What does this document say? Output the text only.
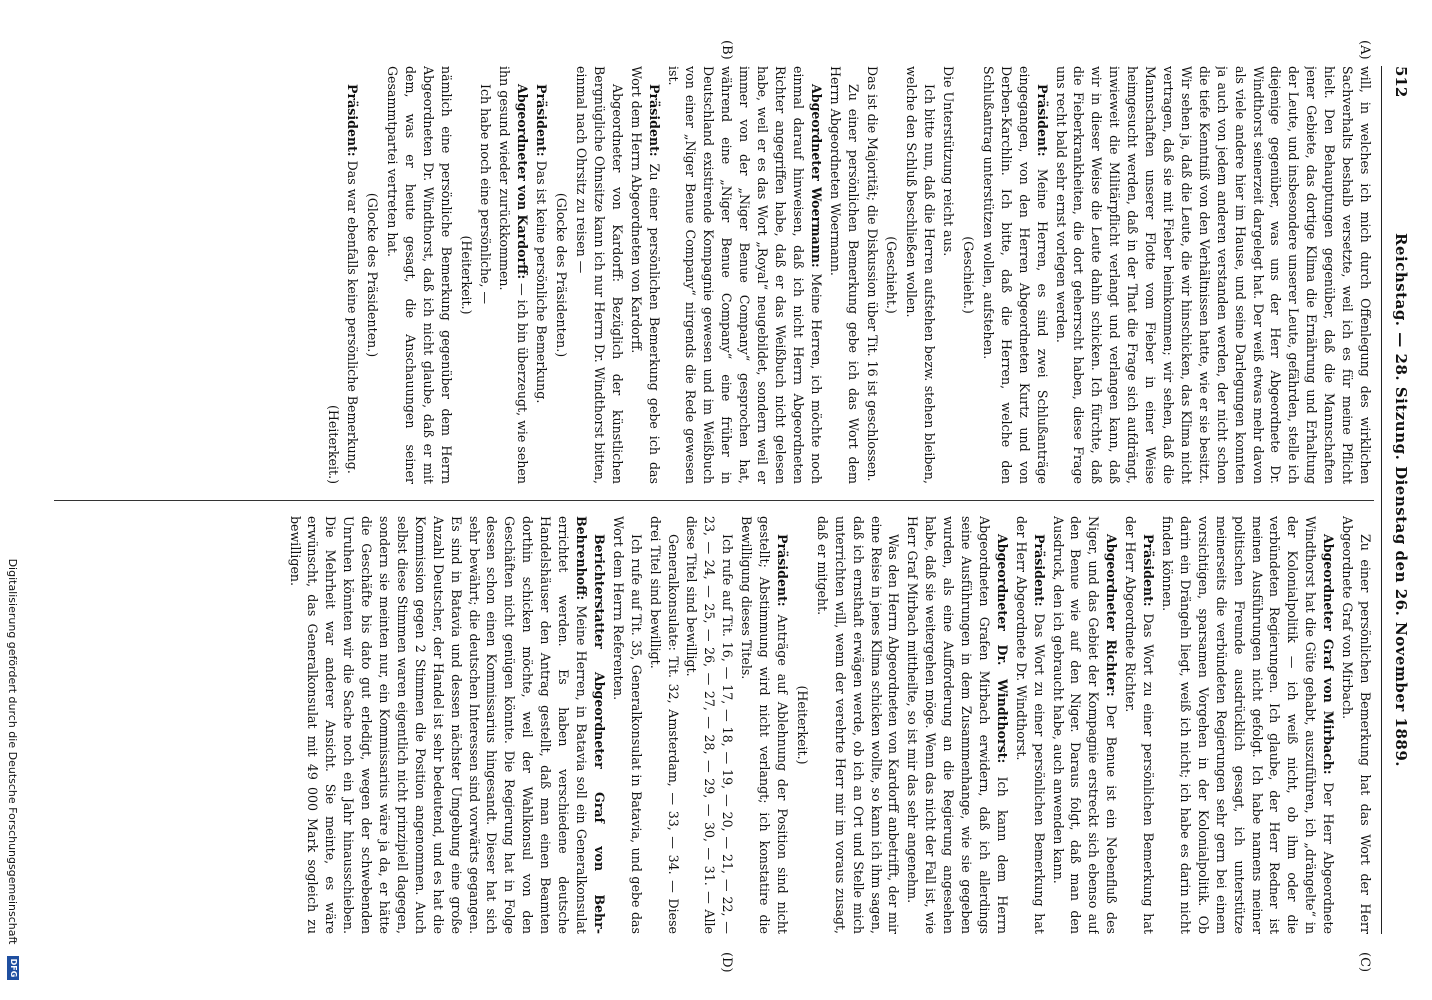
512
Reichstag. — 28. Sitzung. Dienstag den 26. November 1889.
(A)
(B)
(C)
(D)

will, in welches ich mich durch Offenlegung des wirklichen Sachverhalts beshalb versetzte, weil ich es für meine Pflicht hielt. Den Behauptungen gegenüber, daß die Mannschaften jener Gebiete, das dortige Klima die Ernährung und Erhaltung der Leute, und insbesondere unserer Leute, gefährden, stelle ich diejenige gegenüber, was uns der Herr Abgeordnete Dr. Windthorst seinerzeit dargelegt hat. Der weiß etwas mehr davon als viele andere hier im Hause, und seine Darlegungen konnten ja auch von jedem anderen verstanden werden, der nicht schon die tiefe Kenntniß von den Verhältnissen hatte, wie er sie besitzt. Wir sehen ja, daß die Leute, die wir hinschicken, das Klima nicht vertragen, daß sie mit Fieber heimkommen; wir sehen, daß die Mannschaften unserer Flotte vom Fieber in einer Weise heimgesucht werden, daß in der That die Frage sich aufdrängt, inwieweit die Militärpflicht verlangt und verlangen kann, daß wir in dieser Weise die Leute dahin schicken. Ich fürchte, daß die Fieberkrankheiten, die dort geherrscht haben, diese Frage uns recht bald sehr ernst vorlegen werden.

Präsident: Meine Herren, es sind zwei Schlußanträge eingegangen, von den Herren Abgeordneten Kurtz und von Derben-Karchlin. Ich bitte, daß die Herren, welche den Schlußantrag unterstützen wollen, aufstehen.

(Geschieht.)

Die Unterstützung reicht aus.

Ich bitte nun, daß die Herren aufstehen bezw. stehen bleiben, welche den Schluß beschließen wollen.

(Geschieht.)

Das ist die Majorität; die Diskussion über Tit. 16 ist geschlossen.

Zu einer persönlichen Bemerkung gebe ich das Wort dem Herrn Abgeordneten Woermann.

Abgeordneter Woermann: Meine Herren, ich möchte noch einmal darauf hinweisen, daß ich nicht Herrn Abgeordneten Richter angegriffen habe, daß er das Weißbuch nicht gelesen habe, weil er es das Wort „Royal“ neugebildet, sondern weil er immer von der „Niger Benue Company“ gesprochen hat, während eine „Niger Benue Company“ eine früher in Deutschland existirende Kompagnie gewesen und im Weißbuch von einer „Niger Benue Company“ nirgends die Rede gewesen ist.

Präsident: Zu einer persönlichen Bemerkung gebe ich das Wort dem Herrn Abgeordneten von Kardorff.

Abgeordneter von Kardorff: Bezüglich der künstlichen Bergnügliche Ohnsitze kann ich nur Herrn Dr. Windthorst bitten, einmal nach Ohrsitz zu reisen —

(Glocke des Präsidenten.)

Präsident: Das ist keine persönliche Bemerkung.

Abgeordneter von Kardorff: — ich bin überzeugt, wie sehen ihn gesund wieder zurückkommen.

Ich habe noch eine persönliche, —

(Heiterkeit.)

nämlich eine persönliche Bemerkung gegenüber dem Herrn Abgeordneten Dr. Windthorst, daß ich nicht glaube, daß er mit dem, was er heute gesagt, die Anschauungen seiner Gesammtpartei vertreten hat.

(Glocke des Präsidenten.)

Präsident: Das war ebenfalls keine persönliche Bemerkung.

(Heiterkeit.)

Zu einer persönlichen Bemerkung hat das Wort der Herr Abgeordnete Graf von Mirbach.

Abgeordneter Graf von Mirbach: Der Herr Abgeordnete Windthorst hat die Güte gehabt, auszuführen, ich „drängelte“ in der Kolonialpolitik — ich weiß nicht, ob ihm oder die verbündeten Regierungen. Ich glaube, der Herr Redner ist meinen Ausführungen nicht gefolgt. Ich habe namens meiner politischen Freunde ausdrücklich gesagt, ich unterstütze meinerseits die verbündeten Regierungen sehr gern bei einem vorsichtigen, sparsamen Vorgehen in der Kolonialpolitik. Ob darin ein Drängeln liegt, weiß ich nicht; ich habe es darin nicht finden können.

Präsident: Das Wort zu einer persönlichen Bemerkung hat der Herr Abgeordnete Richter.

Abgeordneter Richter: Der Benue ist ein Nebenfluß des Niger, und das Gebiet der Kompagnie erstreckt sich ebenso auf den Benue wie auf den Niger. Daraus folgt, daß man den Ausdruck, den ich gebraucht habe, auch anwenden kann.

Präsident: Das Wort zu einer persönlichen Bemerkung hat der Herr Abgeordnete Dr. Windthorst.

Abgeordneter Dr. Windthorst: Ich kann dem Herrn Abgeordneten Grafen Mirbach erwidern, daß ich allerdings seine Ausführungen in dem Zusammenhange, wie sie gegeben wurden, als eine Aufforderung an die Regierung angesehen habe, daß sie weitergehen möge. Wenn das nicht der Fall ist, wie Herr Graf Mirbach mittheilte, so ist mir das sehr angenehm.

Was den Herrn Abgeordneten von Kardorff anbetrifft, der mir eine Reise in jenes Klima schicken wollte, so kann ich ihm sagen, daß ich ernsthaft erwägen werde, ob ich an Ort und Stelle mich unterrichten will, wenn der verehrte Herr mir im voraus zusagt, daß er mitgeht.

(Heiterkeit.)

Präsident: Anträge auf Ablehnung der Position sind nicht gestellt; Abstimmung wird nicht verlangt; ich konstatire die Bewilligung dieses Titels.

Ich rufe auf Tit. 16, — 17, — 18, — 19, — 20, — 21, — 22, — 23, — 24, — 25, — 26, — 27, — 28, — 29, — 30, — 31. — Alle diese Titel sind bewilligt.

Generalkonsulate: Tit. 32, Amsterdam, — 33, — 34. — Diese drei Titel sind bewilligt.

Ich rufe auf Tit. 35, Generalkonsulat in Batavia, und gebe das Wort dem Herrn Referenten.

Berichterstatter Abgeordneter Graf von Behr-Behrenhoff: Meine Herren, in Batavia soll ein Generalkonsulat errichtet werden. Es haben verschiedene deutsche Handelshäuser den Antrag gestellt, daß man einen Beamten dorthin schicken möchte, weil der Wahlkonsul von den Geschäften nicht genügen könnte. Die Regierung hat in Folge dessen schon einen Kommissarius hingesandt. Dieser hat sich sehr bewährt; die deutschen Interessen sind vorwärts gegangen. Es sind in Batavia und dessen nächster Umgebung eine große Anzahl Deutscher, der Handel ist sehr bedeutend, und es hat die Kommission gegen 2 Stimmen die Position angenommen. Auch selbst diese Stimmen waren eigentlich nicht prinzipiell dagegen, sondern sie meinten nur, ein Kommissarius wäre ja da, er hätte die Geschäfte bis dato gut erledigt, wegen der schwebenden Unruhen könnten wir die Sache noch ein Jahr hinausschieben. Die Mehrheit war anderer Ansicht. Sie meinte, es wäre erwünscht, das Generalkonsulat mit 49 000 Mark sogleich zu bewilligen.

Digitalisierung gefördert durch die Deutsche Forschungsgemeinschaft DFG
